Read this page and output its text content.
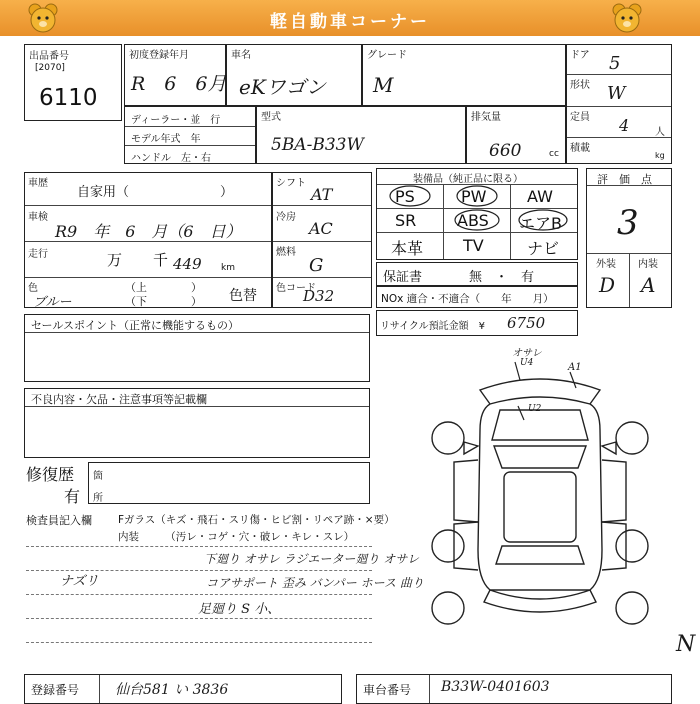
軽自動車コーナー
出品番号
[2070]
6110
初度登録年月
R　6　6月
車名
eKワゴン
グレード
M
ドア 5
形状 W
定員 4	人
積載
kg
ディーラー・並　行
モデル年式　年
ハンドル　左・右
型式
5BA-B33W
排気量
660	cc
車歴
自家用（　　　　　　　）
車検
R9　年　6　月（6　日）
走行	万 千 449 km
色
ブルー
（上　　　　）
（下　　　　） 色替
シフト
AT
冷房
AC
燃料
G
色コード
D32
装備品（純正品に限る）
PS	PW	AW
SR	ABS エアB
本革 TV	ナビ
保証書	無　・　有
NOx 適合・不適合（　　年　　月）
リサイクル預託金額　¥ 6750
評　価　点
3
外装 内装
D A
セールスポイント（正常に機能するもの）
不良内容・欠品・注意事項等記載欄
修復歴
有
箇
所
検査員記入欄 Fガラス（キズ・飛石・スリ傷・ヒビ割・リペア跡・×要）
内装　　　（汚レ・コゲ・穴・破レ・キレ・スレ）
ナズリ
下廻り オサレ ラジエーター廻り オサレ
コアサポート 歪み バンパー ホース 曲り
足廻り S 小、
オサレ
U4	A1
U2
N
登録番号	仙台581 い 3836	車台番号 B33W-0401603
